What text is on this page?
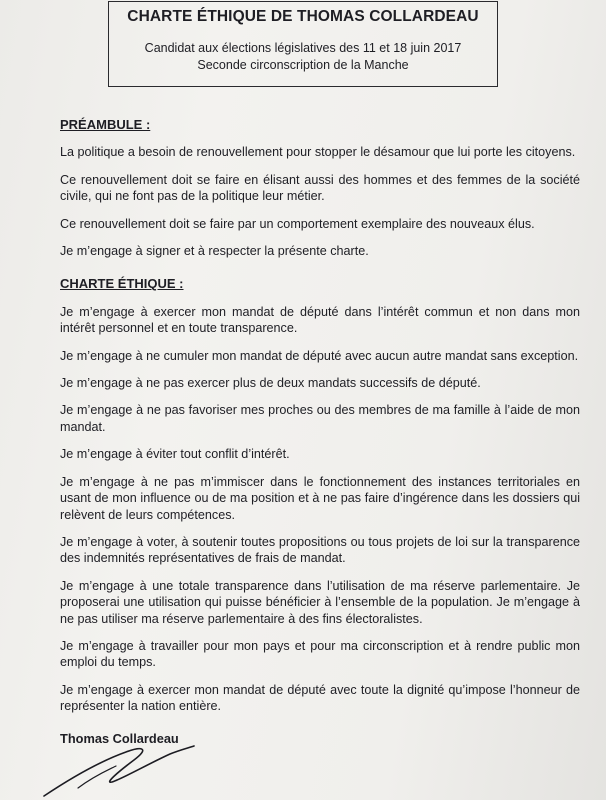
CHARTE ÉTHIQUE DE THOMAS COLLARDEAU
Candidat aux élections législatives des 11 et 18 juin 2017
Seconde circonscription de la Manche
PRÉAMBULE :

La politique a besoin de renouvellement pour stopper le désamour que lui porte les citoyens.

Ce renouvellement doit se faire en élisant aussi des hommes et des femmes de la société civile, qui ne font pas de la politique leur métier.

Ce renouvellement doit se faire par un comportement exemplaire des nouveaux élus.

Je m’engage à signer et à respecter la présente charte.

CHARTE ÉTHIQUE :

Je m’engage à exercer mon mandat de député dans l’intérêt commun et non dans mon intérêt personnel et en toute transparence.

Je m’engage à ne cumuler mon mandat de député avec aucun autre mandat sans exception.

Je m’engage à ne pas exercer plus de deux mandats successifs de député.

Je m’engage à ne pas favoriser mes proches ou des membres de ma famille à l’aide de mon mandat.

Je m’engage à éviter tout conflit d’intérêt.

Je m’engage à ne pas m’immiscer dans le fonctionnement des instances territoriales en usant de mon influence ou de ma position et à ne pas faire d’ingérence dans les dossiers qui relèvent de leurs compétences.

Je m’engage à voter, à soutenir toutes propositions ou tous projets de loi sur la transparence des indemnités représentatives de frais de mandat.

Je m’engage à une totale transparence dans l’utilisation de ma réserve parlementaire. Je proposerai une utilisation qui puisse bénéficier à l’ensemble de la population. Je m’engage à ne pas utiliser ma réserve parlementaire à des fins électoralistes.

Je m’engage à travailler pour mon pays et pour ma circonscription et à rendre public mon emploi du temps.

Je m’engage à exercer mon mandat de député avec toute la dignité qu’impose l’honneur de représenter la nation entière.

Thomas Collardeau
